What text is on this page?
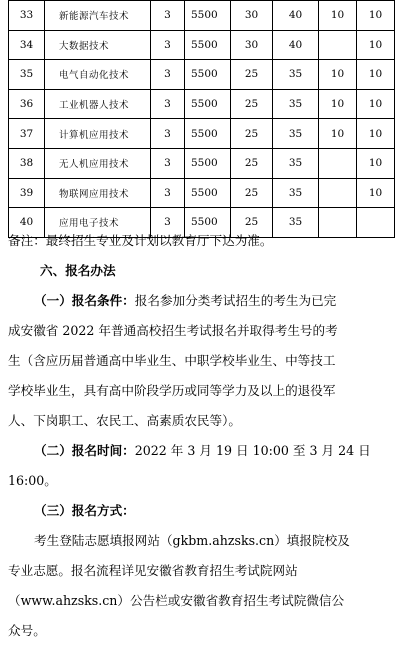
33	新能源汽车技术	3	5500	30	40	10	10
34	大数据技术	3	5500	30	40		10
35	电气自动化技术	3	5500	25	35	10	10
36	工业机器人技术	3	5500	25	35	10	10
37	计算机应用技术	3	5500	25	35	10	10
38	无人机应用技术	3	5500	25	35		10
39	物联网应用技术	3	5500	25	35		10
40	应用电子技术	3	5500	25	35		
备注：最终招生专业及计划以教育厅下达为准。
六、报名办法
（一）报名条件：报名参加分类考试招生的考生为已完
成安徽省 2022 年普通高校招生考试报名并取得考生号的考
生（含应历届普通高中毕业生、中职学校毕业生、中等技工
学校毕业生，具有高中阶段学历或同等学力及以上的退役军
人、下岗职工、农民工、高素质农民等）。
（二）报名时间：2022 年 3 月 19 日 10:00 至 3 月 24 日
16:00。
（三）报名方式：
考生登陆志愿填报网站（gkbm.ahzsks.cn）填报院校及
专业志愿。报名流程详见安徽省教育招生考试院网站
（www.ahzsks.cn）公告栏或安徽省教育招生考试院微信公
众号。
